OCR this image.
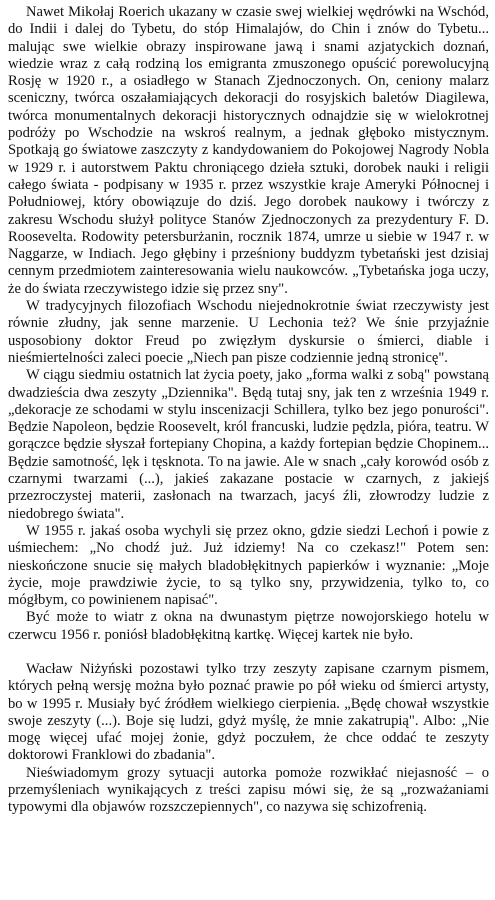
Nawet Mikołaj Roerich ukazany w czasie swej wielkiej wędrówki na Wschód, do Indii i dalej do Tybetu, do stóp Himalajów, do Chin i znów do Tybetu... malując swe wielkie obrazy inspirowane jawą i snami azjatyckich doznań, wiedzie wraz z całą rodziną los emigranta zmuszonego opuścić porewolucyjną Rosję w 1920 r., a osiadłego w Stanach Zjednoczonych. On, ceniony malarz sceniczny, twórca oszałamiających dekoracji do rosyjskich baletów Diagilewa, twórca monumentalnych dekoracji historycznych odnajdzie się w wielokrotnej podróży po Wschodzie na wskroś realnym, a jednak głęboko mistycznym. Spotkają go światowe zaszczyty z kandydowaniem do Pokojowej Nagrody Nobla w 1929 r. i autorstwem Paktu chroniącego dzieła sztuki, dorobek nauki i religii całego świata - podpisany w 1935 r. przez wszystkie kraje Ameryki Północnej i Południowej, który obowiązuje do dziś. Jego dorobek naukowy i twórczy z zakresu Wschodu służył polityce Stanów Zjednoczonych za prezydentury F. D. Roosevelta. Rodowity petersburżanin, rocznik 1874, umrze u siebie w 1947 r. w Naggarze, w Indiach. Jego głębiny i prześniony buddyzm tybetański jest dzisiaj cennym przedmiotem zainteresowania wielu naukowców. „Tybetańska joga uczy, że do świata rzeczywistego idzie się przez sny".

W tradycyjnych filozofiach Wschodu niejednokrotnie świat rzeczywisty jest równie złudny, jak senne marzenie. U Lechonia też? We śnie przyjaźnie usposobiony doktor Freud po zwięzłym dyskursie o śmierci, diable i nieśmiertelności zaleci poecie „Niech pan pisze codziennie jedną stronicę".

W ciągu siedmiu ostatnich lat życia poety, jako „forma walki z sobą" powstaną dwadzieścia dwa zeszyty „Dziennika". Będą tutaj sny, jak ten z września 1949 r. „dekoracje ze schodami w stylu inscenizacji Schillera, tylko bez jego ponurości". Będzie Napoleon, będzie Roosevelt, król francuski, ludzie pędzla, pióra, teatru. W gorączce będzie słyszał fortepiany Chopina, a każdy fortepian będzie Chopinem... Będzie samotność, lęk i tęsknota. To na jawie. Ale w snach „cały korowód osób z czarnymi twarzami (...), jakieś zakazane postacie w czarnych, z jakiejś przezroczystej materii, zasłonach na twarzach, jacyś źli, złowrodzy ludzie z niedobrego świata".

W 1955 r. jakaś osoba wychyli się przez okno, gdzie siedzi Lechoń i powie z uśmiechem: „No chodź już. Już idziemy! Na co czekasz!" Potem sen: nieskończone snucie się małych bladobłękitnych papierków i wyznanie: „Moje życie, moje prawdziwie życie, to są tylko sny, przywidzenia, tylko to, co mógłbym, co powinienem napisać".

Być może to wiatr z okna na dwunastym piętrze nowojorskiego hotelu w czerwcu 1956 r. poniósł bladobłękitną kartkę. Więcej kartek nie było.

Wacław Niżyński pozostawi tylko trzy zeszyty zapisane czarnym pismem, których pełną wersję można było poznać prawie po pół wieku od śmierci artysty, bo w 1995 r. Musiały być źródłem wielkiego cierpienia. „Będę chował wszystkie swoje zeszyty (...). Boje się ludzi, gdyż myślę, że mnie zakatrupią". Albo: „Nie mogę więcej ufać mojej żonie, gdyż poczułem, że chce oddać te zeszyty doktorowi Franklowi do zbadania".

Nieświadomym grozy sytuacji autorka pomoże rozwikłać niejasność – o przemyśleniach wynikających z treści zapisu mówi się, że są „rozważaniami typowymi dla objawów rozszczepiennych", co nazywa się schizofrenią.
